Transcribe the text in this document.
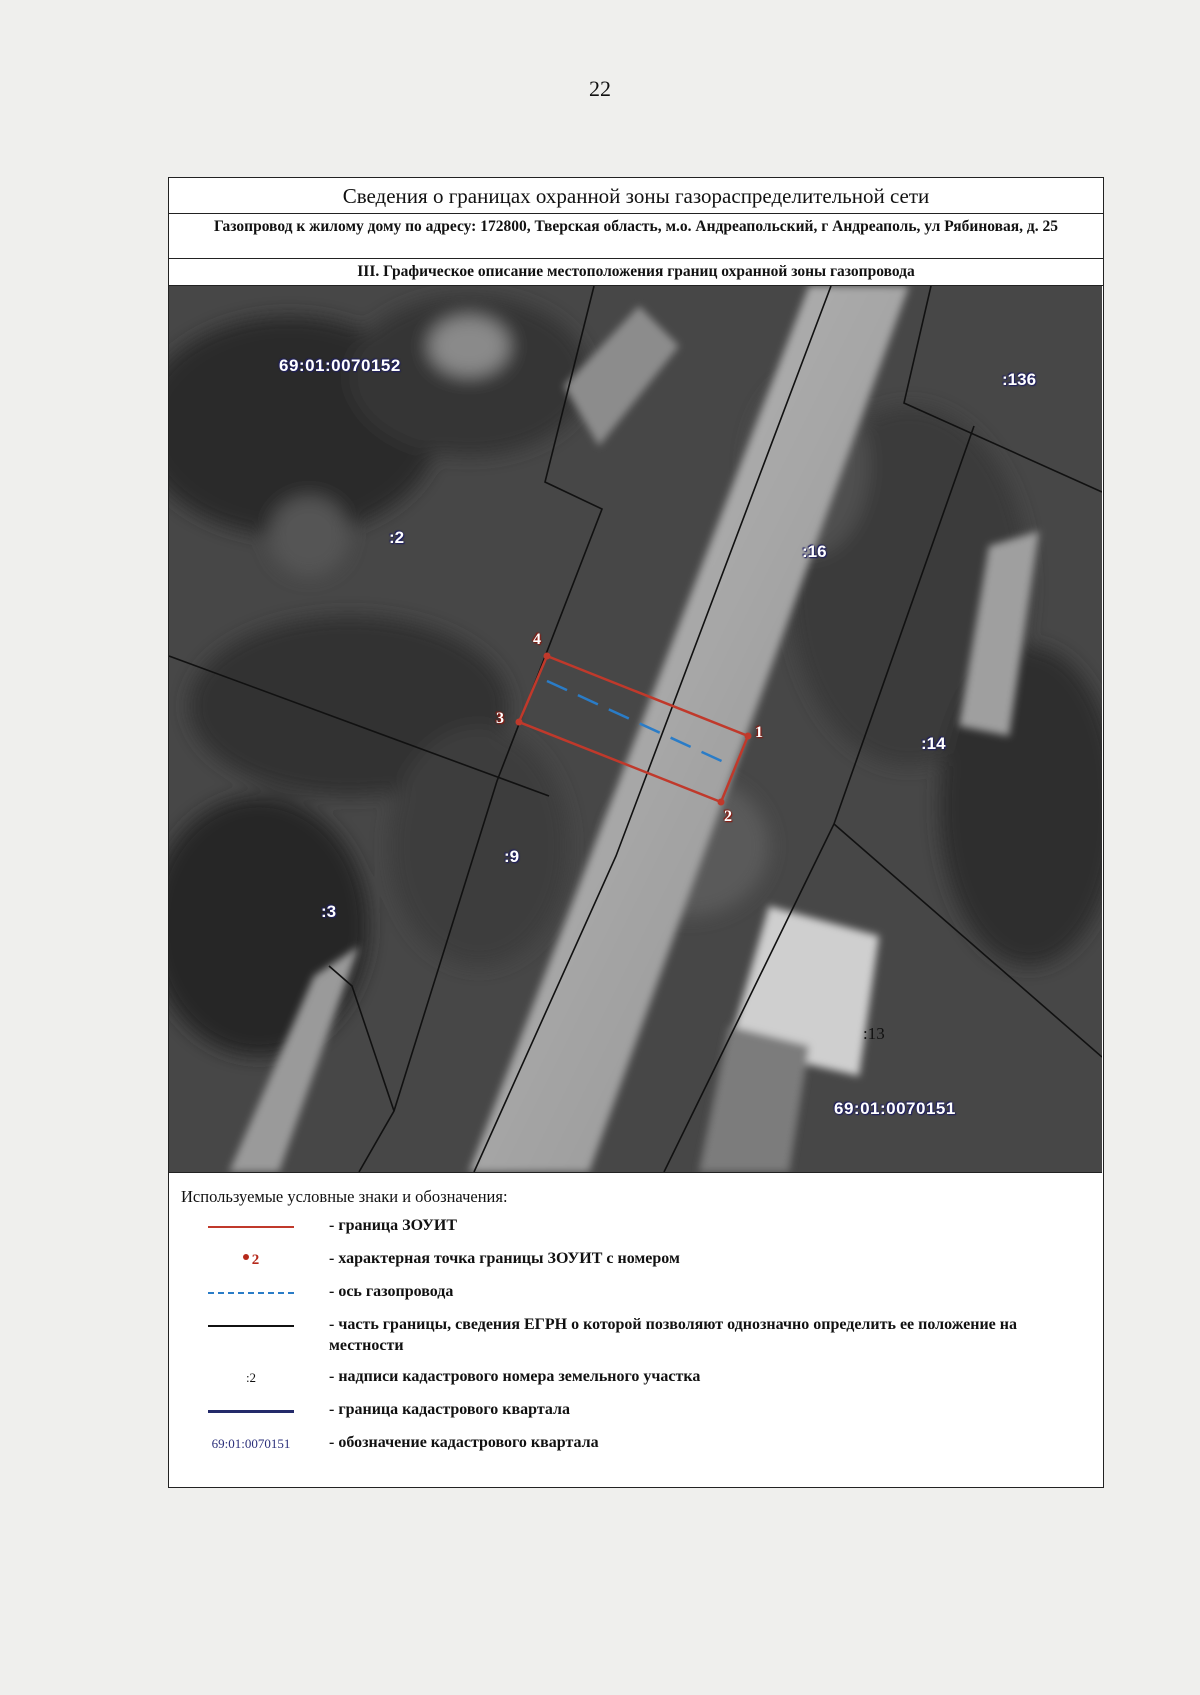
22
Сведения о границах охранной зоны газораспределительной сети
Газопровод к жилому дому по адресу: 172800, Тверская область, м.о. Андреапольский, г Андреаполь, ул Рябиновая, д. 25
III. Графическое описание местоположения границ охранной зоны газопровода
69:01:0070152
69:01:0070151
:2
:16
:136
:14
:9
:3
:13
1
2
3
4
Используемые условные знаки и обозначения:
- граница ЗОУИТ
2	- характерная точка границы ЗОУИТ с номером
- ось газопровода
- часть границы, сведения ЕГРН о которой позволяют однозначно определить ее положение на местности
:2	- надписи кадастрового номера земельного участка
- граница кадастрового квартала
69:01:0070151	- обозначение кадастрового квартала
